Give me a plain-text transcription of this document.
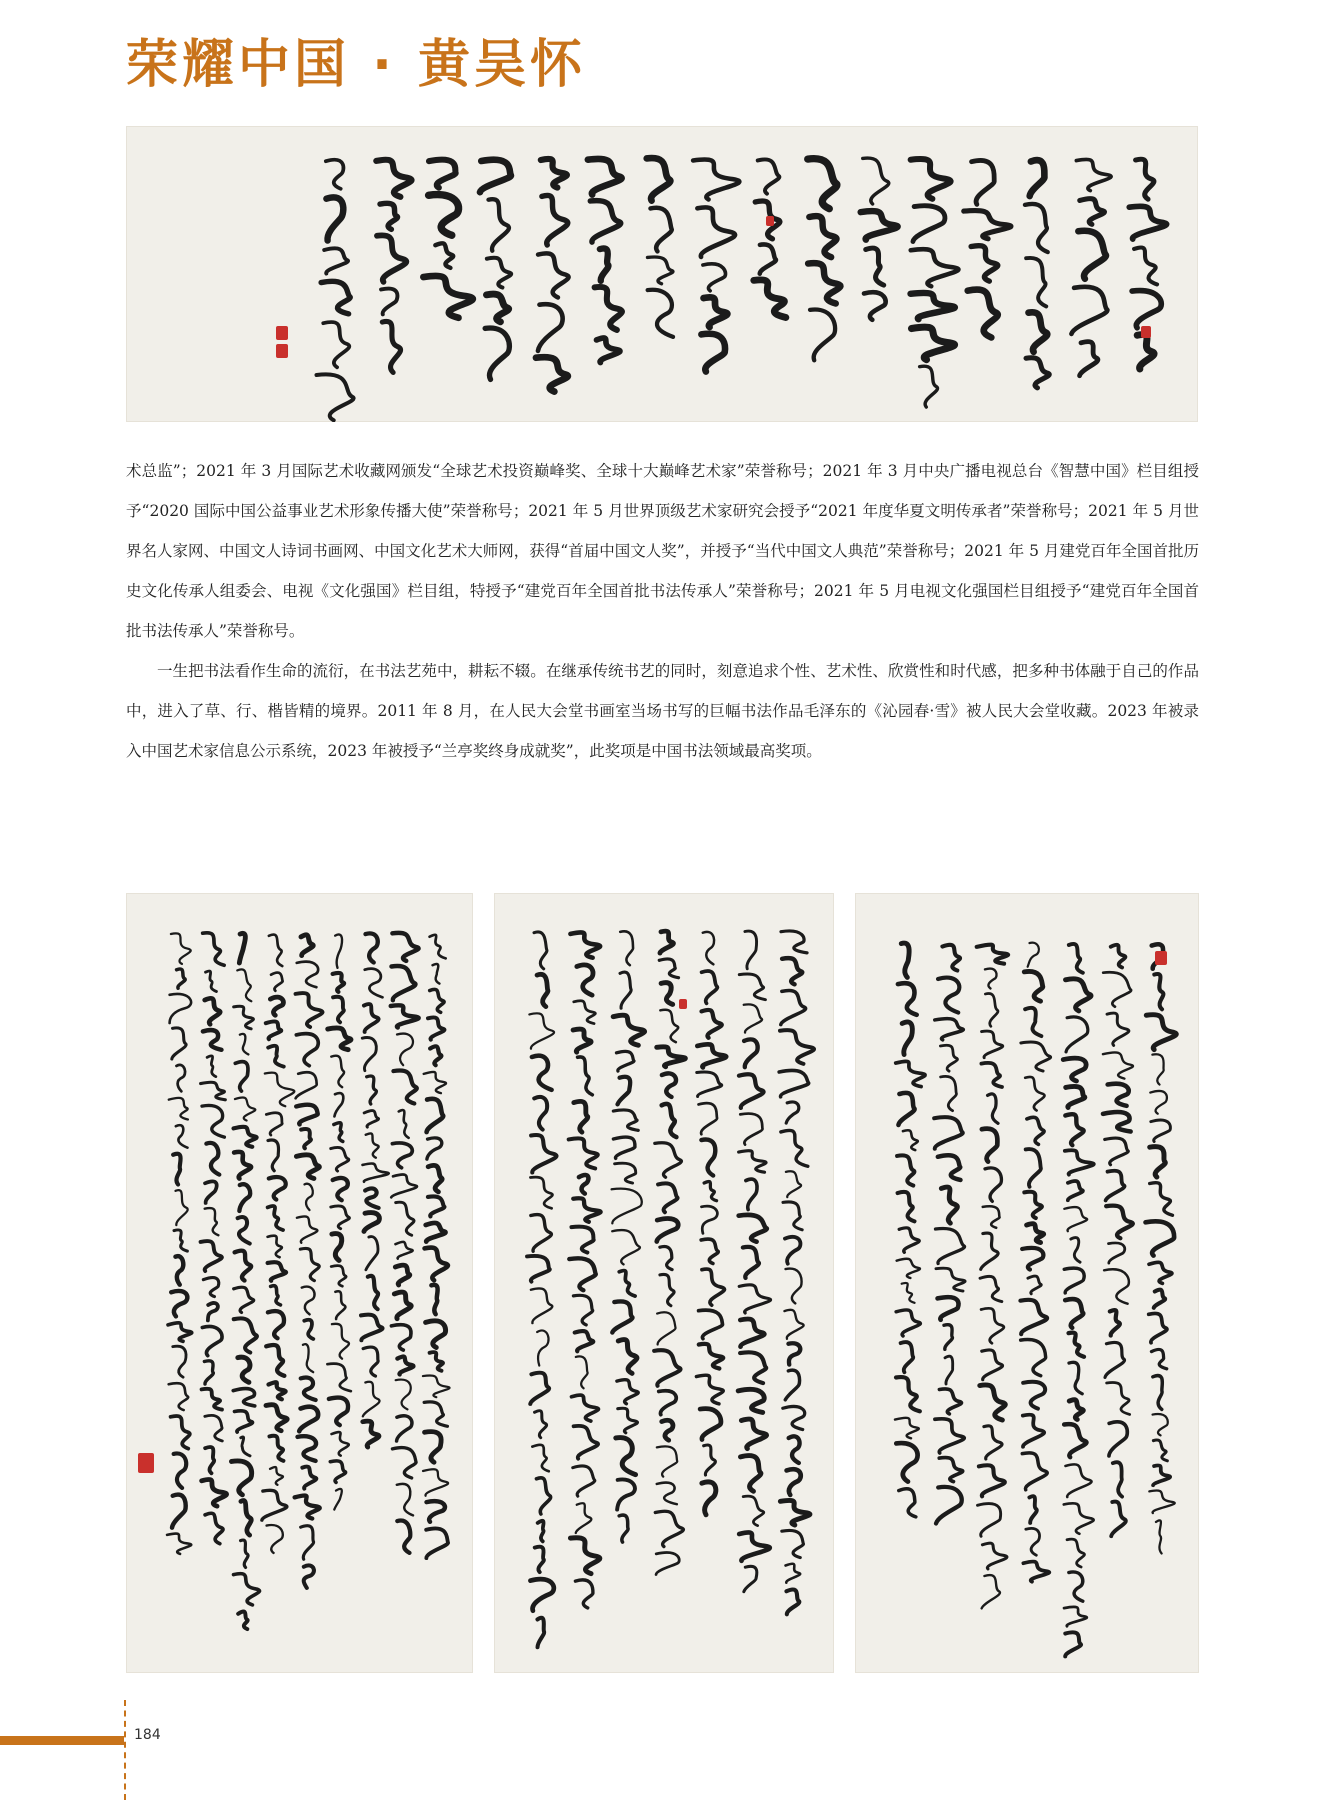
荣耀中国 · 黄吴怀

术总监”；2021 年 3 月国际艺术收藏网颁发“全球艺术投资巅峰奖、全球十大巅峰艺术家”荣誉称号；2021 年 3 月中央广播电视总台《智慧中国》栏目组授予“2020 国际中国公益事业艺术形象传播大使”荣誉称号；2021 年 5 月世界顶级艺术家研究会授予“2021 年度华夏文明传承者”荣誉称号；2021 年 5 月世界名人家网、中国文人诗词书画网、中国文化艺术大师网，获得“首届中国文人奖”，并授予“当代中国文人典范”荣誉称号；2021 年 5 月建党百年全国首批历史文化传承人组委会、电视《文化强国》栏目组，特授予“建党百年全国首批书法传承人”荣誉称号；2021 年 5 月电视文化强国栏目组授予“建党百年全国首批书法传承人”荣誉称号。

一生把书法看作生命的流衍，在书法艺苑中，耕耘不辍。在继承传统书艺的同时，刻意追求个性、艺术性、欣赏性和时代感，把多种书体融于自己的作品中，进入了草、行、楷皆精的境界。2011 年 8 月，在人民大会堂书画室当场书写的巨幅书法作品毛泽东的《沁园春·雪》被人民大会堂收藏。2023 年被录入中国艺术家信息公示系统，2023 年被授予“兰亭奖终身成就奖”，此奖项是中国书法领域最高奖项。

184
